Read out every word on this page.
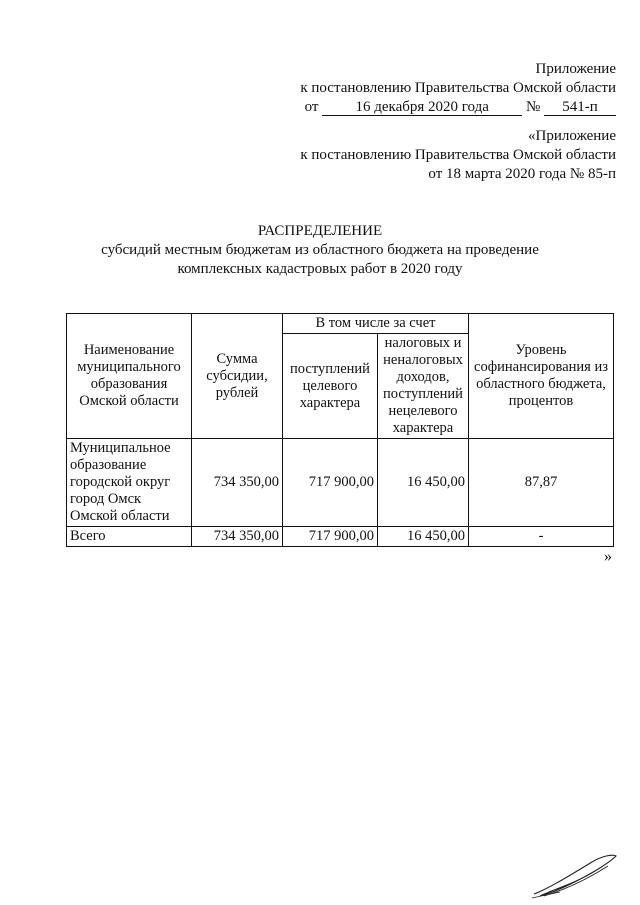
Приложение
к постановлению Правительства Омской области
от 16 декабря 2020 года № 541-п
«Приложение
к постановлению Правительства Омской области
от 18 марта 2020 года № 85-п
РАСПРЕДЕЛЕНИЕ
субсидий местным бюджетам из областного бюджета на проведение
комплексных кадастровых работ в 2020 году
Наименование муниципального образования Омской области	Сумма субсидии, рублей	В том числе за счет		Уровень софинансирования из областного бюджета, процентов
		поступлений целевого характера	налоговых и неналоговых доходов, поступлений нецелевого характера	
Муниципальное образование городской округ город Омск Омской области	734 350,00	717 900,00	16 450,00	87,87
Всего	734 350,00	717 900,00	16 450,00	-
»
